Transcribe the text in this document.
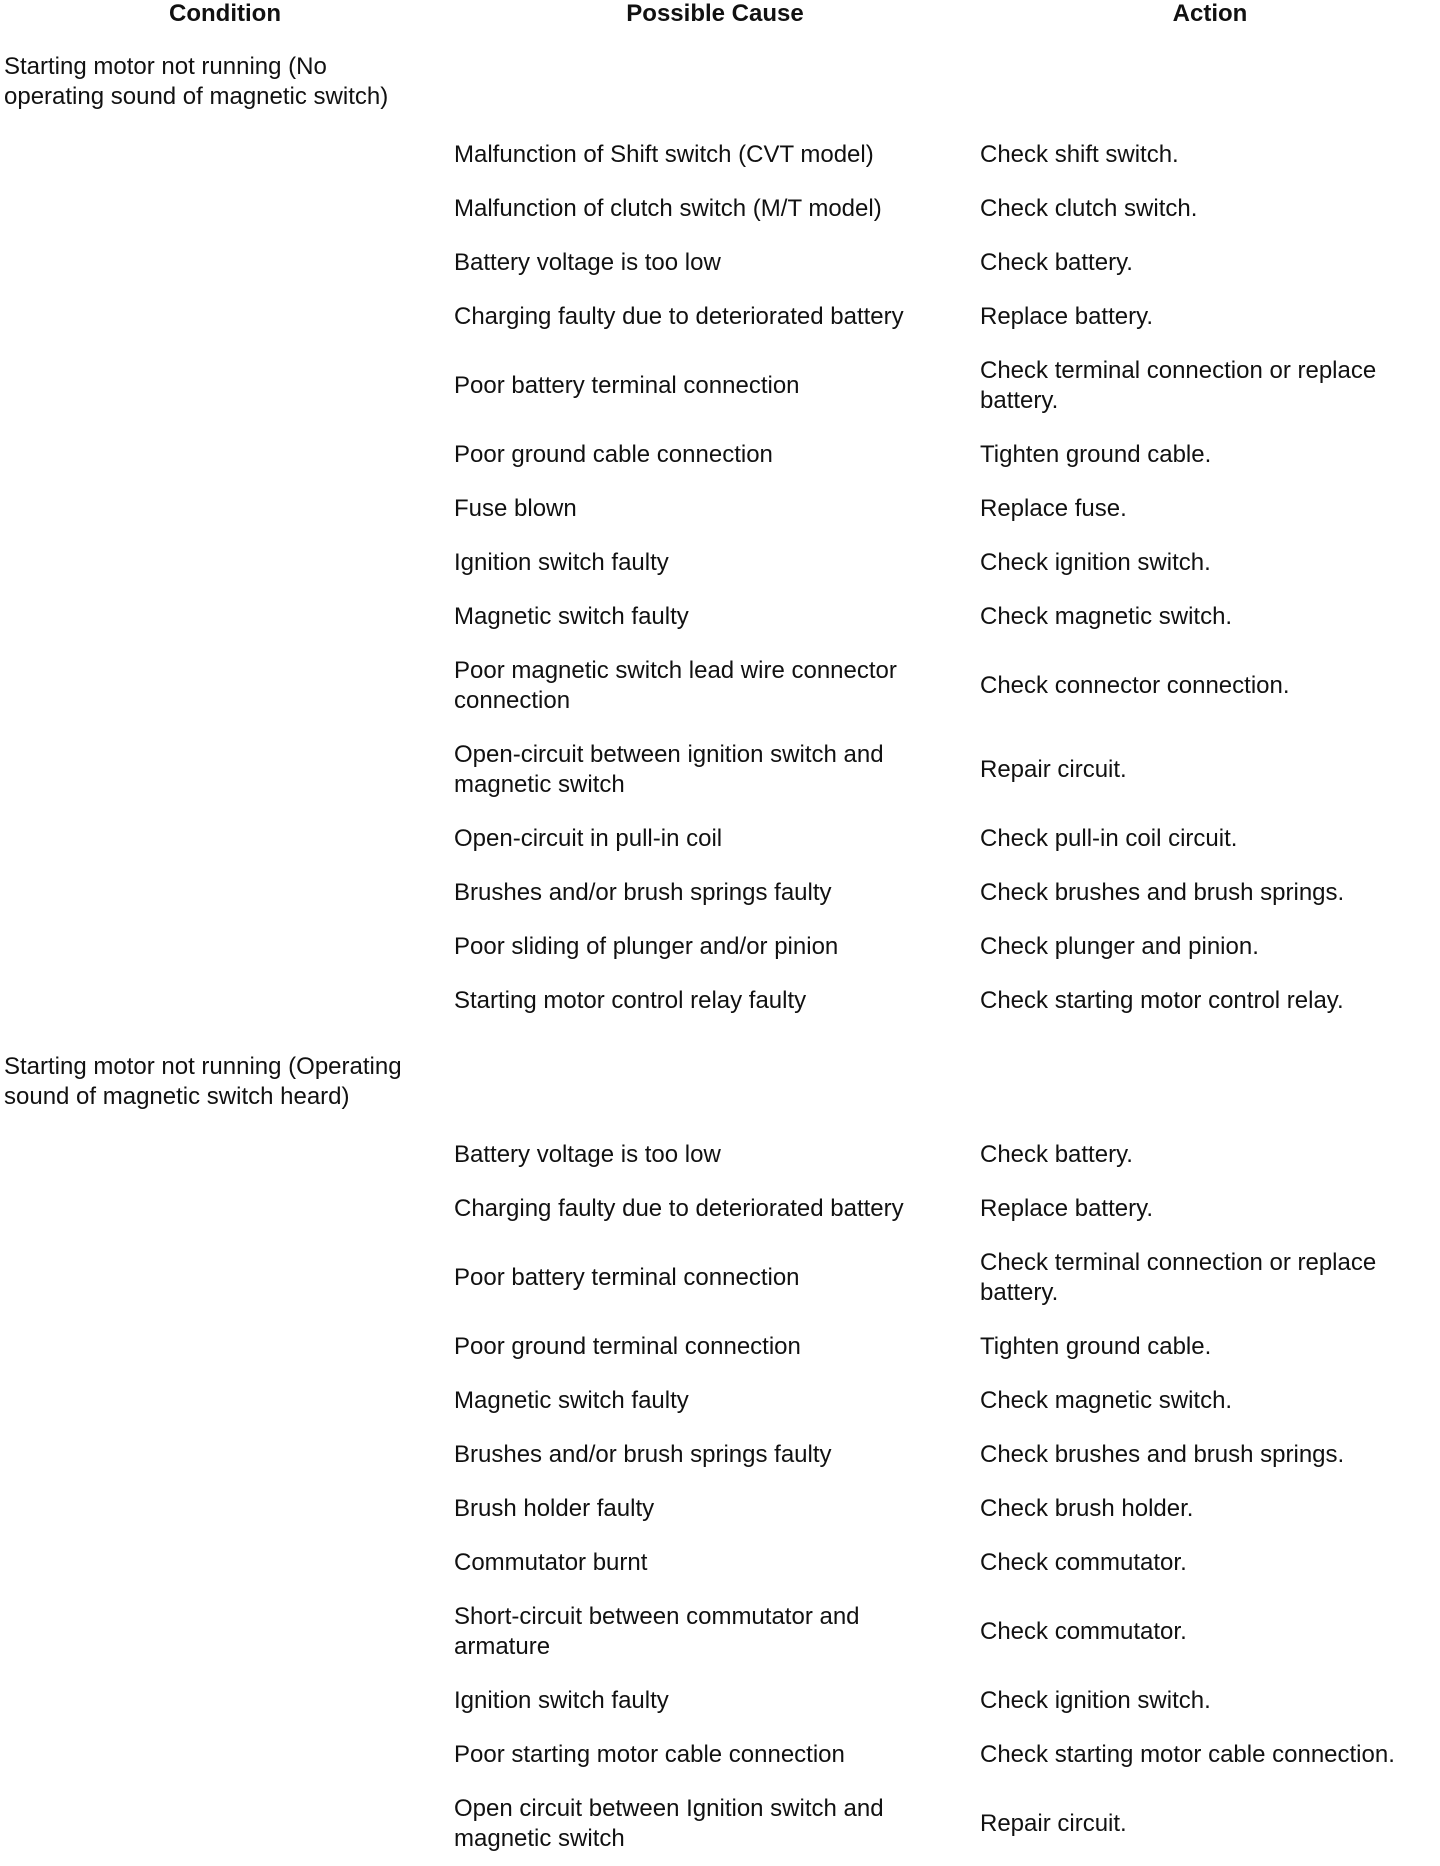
Condition	Possible Cause	Action

Starting motor not running (No operating sound of magnetic switch)		

	Malfunction of Shift switch (CVT model)	Check shift switch.
	Malfunction of clutch switch (M/T model)	Check clutch switch.
	Battery voltage is too low	Check battery.
	Charging faulty due to deteriorated battery	Replace battery.
	Poor battery terminal connection	Check terminal connection or replace battery.
	Poor ground cable connection	Tighten ground cable.
	Fuse blown	Replace fuse.
	Ignition switch faulty	Check ignition switch.
	Magnetic switch faulty	Check magnetic switch.
	Poor magnetic switch lead wire connector connection	Check connector connection.
	Open-circuit between ignition switch and magnetic switch	Repair circuit.
	Open-circuit in pull-in coil	Check pull-in coil circuit.
	Brushes and/or brush springs faulty	Check brushes and brush springs.
	Poor sliding of plunger and/or pinion	Check plunger and pinion.
	Starting motor control relay faulty	Check starting motor control relay.

Starting motor not running (Operating sound of magnetic switch heard)		

	Battery voltage is too low	Check battery.
	Charging faulty due to deteriorated battery	Replace battery.
	Poor battery terminal connection	Check terminal connection or replace battery.
	Poor ground terminal connection	Tighten ground cable.
	Magnetic switch faulty	Check magnetic switch.
	Brushes and/or brush springs faulty	Check brushes and brush springs.
	Brush holder faulty	Check brush holder.
	Commutator burnt	Check commutator.
	Short-circuit between commutator and armature	Check commutator.
	Ignition switch faulty	Check ignition switch.
	Poor starting motor cable connection	Check starting motor cable connection.
	Open circuit between Ignition switch and magnetic switch	Repair circuit.
